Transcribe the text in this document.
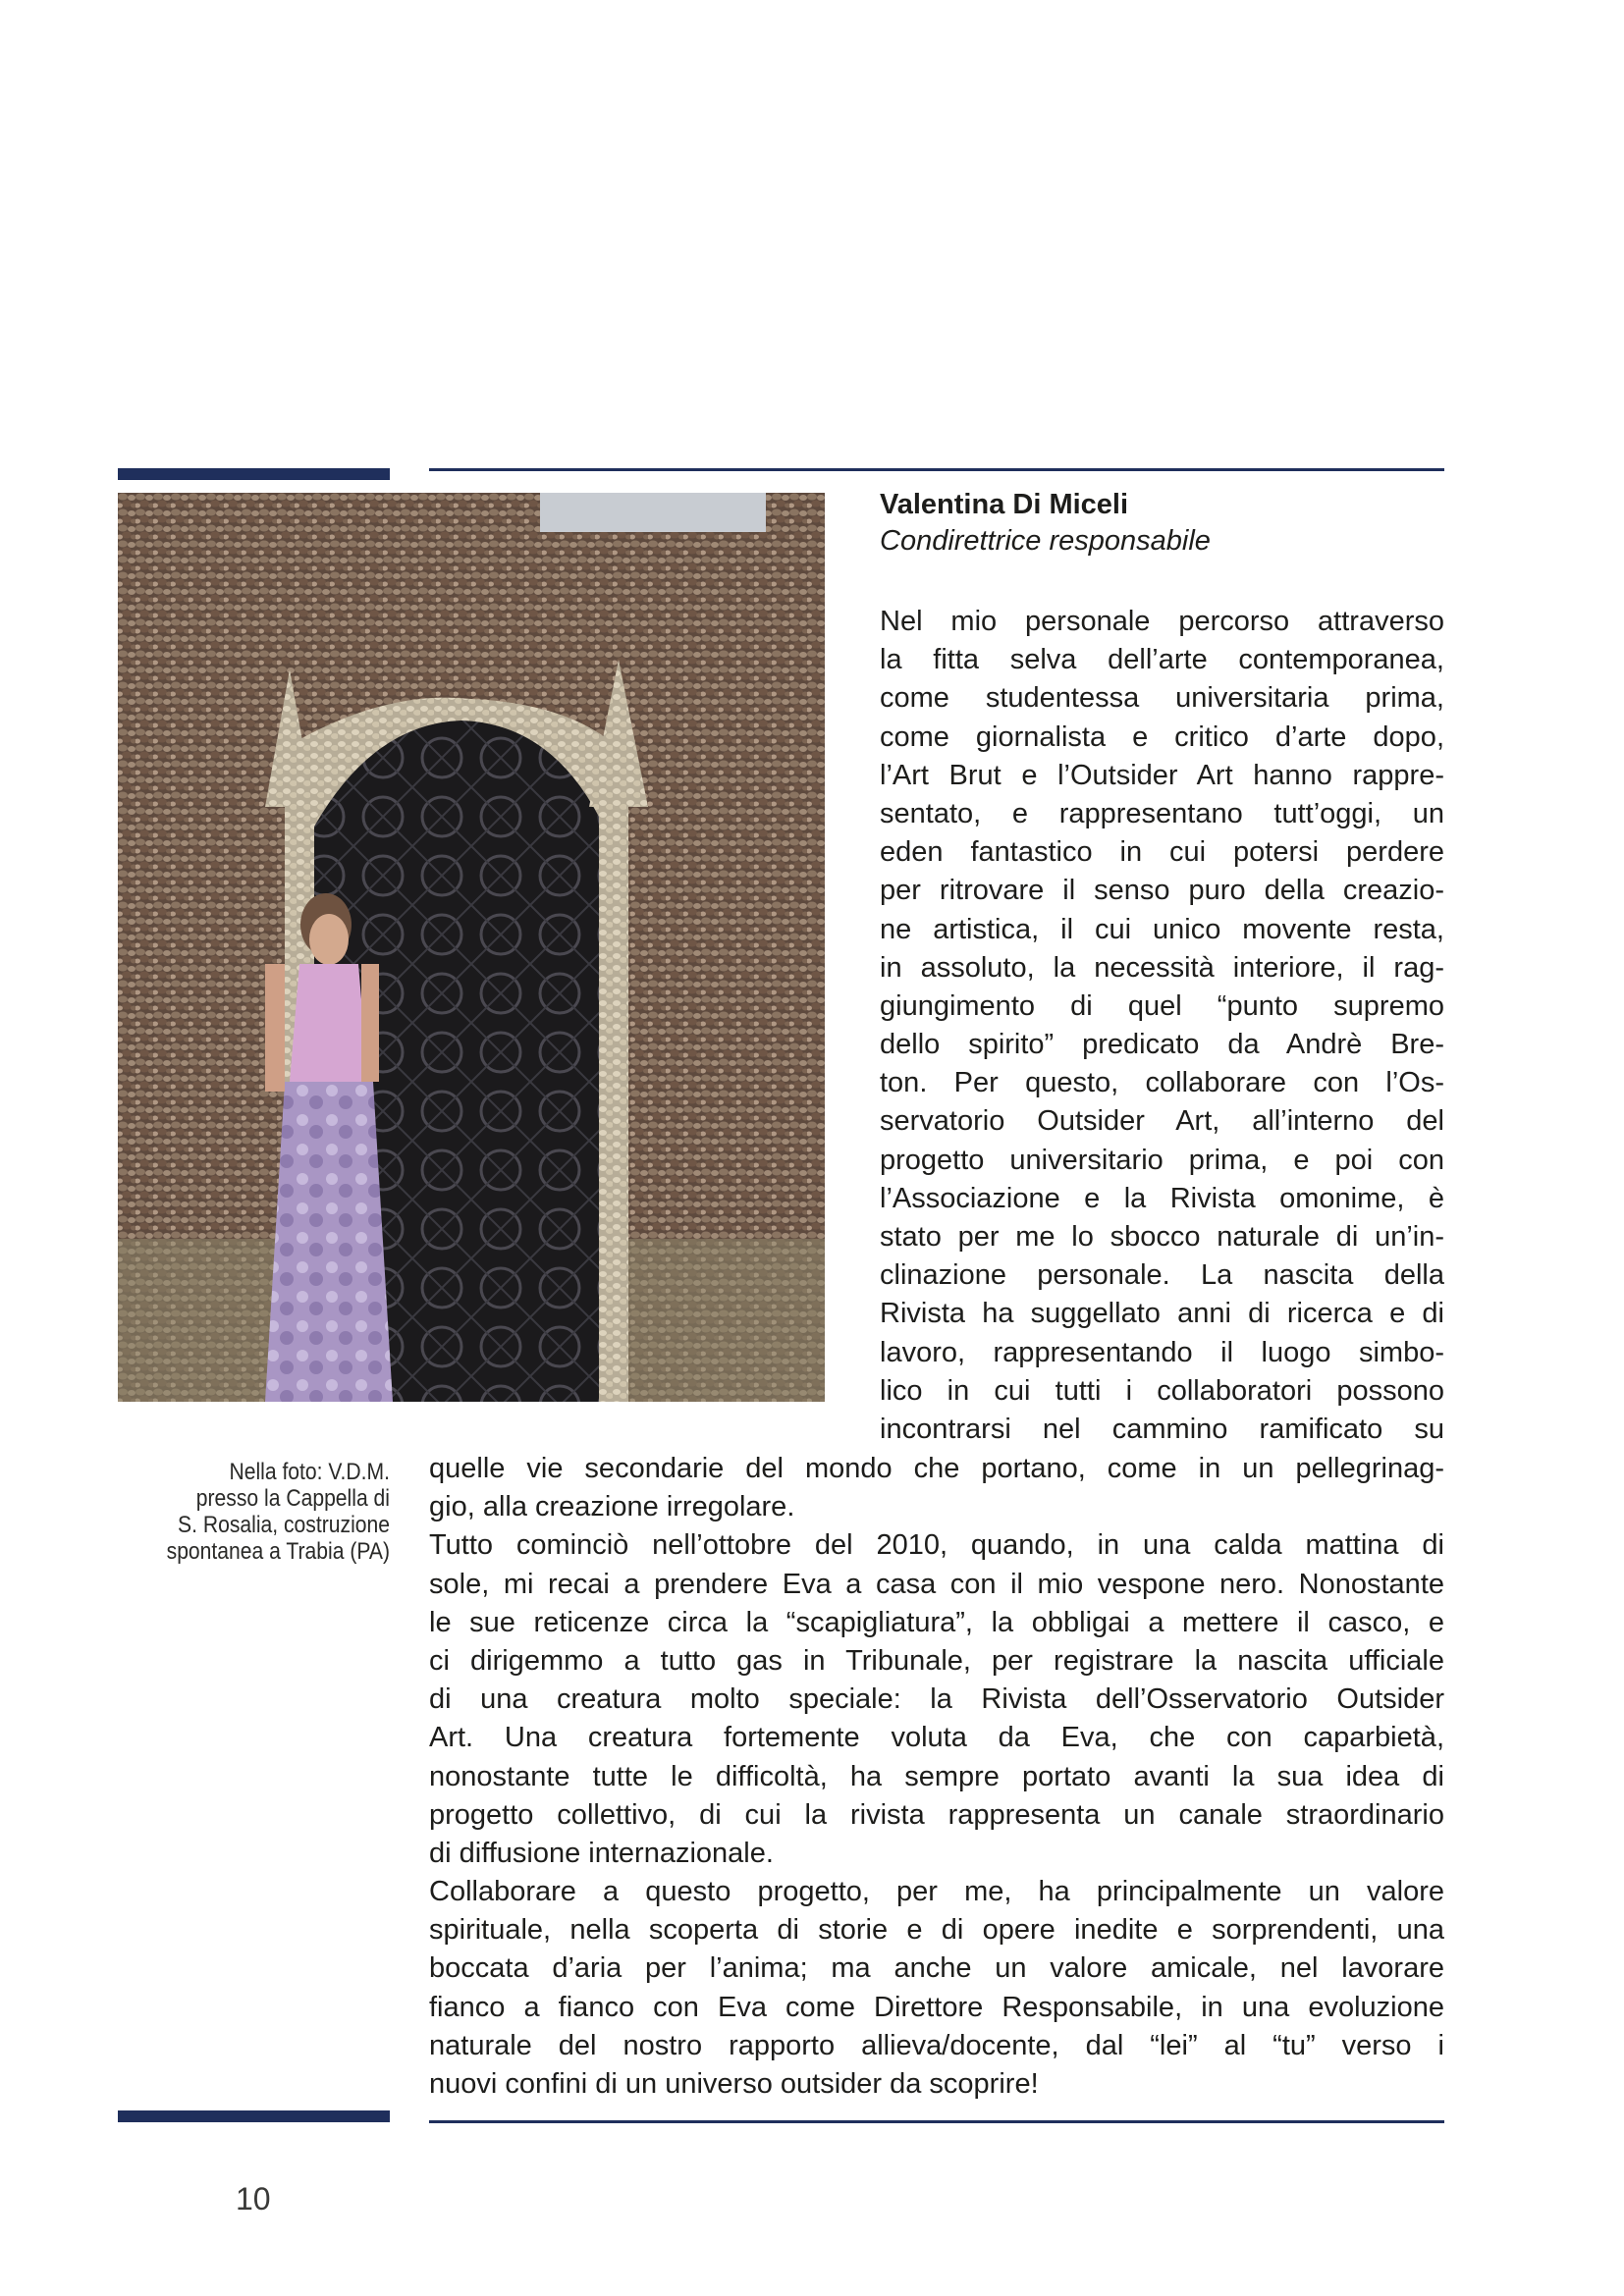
Nella foto: V.D.M.
presso la Cappella di
S. Rosalia, costruzione
spontanea a Trabia (PA)
Valentina Di Miceli
Condirettrice responsabile
Nel mio personale percorso attraverso
la fitta selva dell’arte contemporanea,
come studentessa universitaria prima,
come giornalista e critico d’arte dopo,
l’Art Brut e l’Outsider Art hanno rappre-
sentato, e rappresentano tutt’oggi, un
eden fantastico in cui potersi perdere
per ritrovare il senso puro della creazio-
ne artistica, il cui unico movente resta,
in assoluto, la necessità interiore, il rag-
giungimento di quel “punto supremo
dello spirito” predicato da Andrè Bre-
ton. Per questo, collaborare con l’Os-
servatorio Outsider Art, all’interno del
progetto universitario prima, e poi con
l’Associazione e la Rivista omonime, è
stato per me lo sbocco naturale di un’in-
clinazione personale. La nascita della
Rivista ha suggellato anni di ricerca e di
lavoro, rappresentando il luogo simbo-
lico in cui tutti i collaboratori possono
incontrarsi nel cammino ramificato su
quelle vie secondarie del mondo che portano, come in un pellegrinag-
gio, alla creazione irregolare.
Tutto cominciò nell’ottobre del 2010, quando, in una calda mattina di
sole, mi recai a prendere Eva a casa con il mio vespone nero. Nonostante
le sue reticenze circa la “scapigliatura”, la obbligai a mettere il casco, e
ci dirigemmo a tutto gas in Tribunale, per registrare la nascita ufficiale
di una creatura molto speciale: la Rivista dell’Osservatorio Outsider
Art. Una creatura fortemente voluta da Eva, che con caparbietà,
nonostante tutte le difficoltà, ha sempre portato avanti la sua idea di
progetto collettivo, di cui la rivista rappresenta un canale straordinario
di diffusione internazionale.
Collaborare a questo progetto, per me, ha principalmente un valore
spirituale, nella scoperta di storie e di opere inedite e sorprendenti, una
boccata d’aria per l’anima; ma anche un valore amicale, nel lavorare
fianco a fianco con Eva come Direttore Responsabile, in una evoluzione
naturale del nostro rapporto allieva/docente, dal “lei” al “tu” verso i
nuovi confini di un universo outsider da scoprire!
10
